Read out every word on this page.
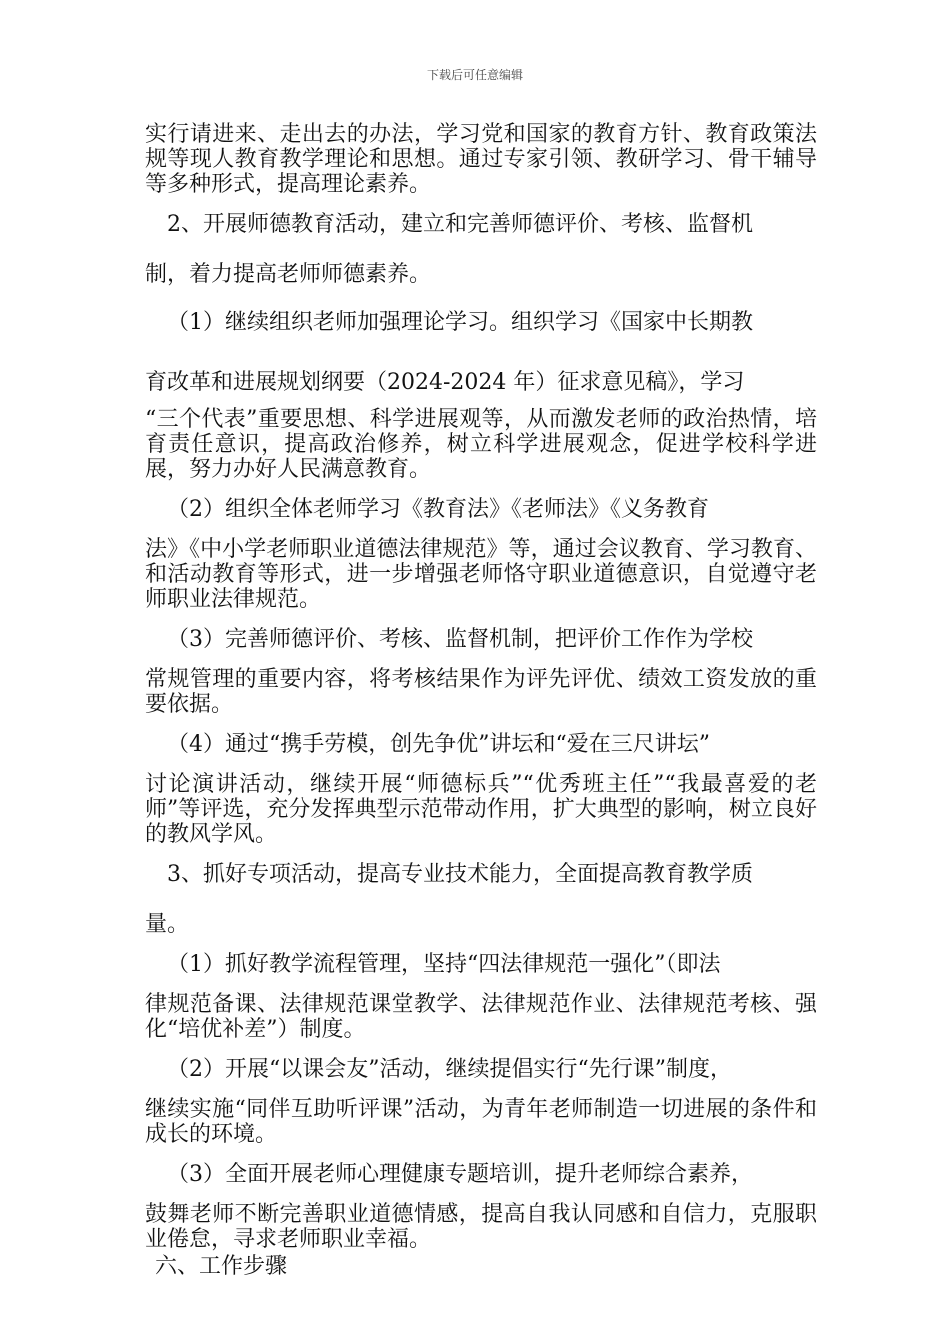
下载后可任意编辑

实行请进来、走出去的办法，学习党和国家的教育方针、教育政策法规等现人教育教学理论和思想。通过专家引领、教研学习、骨干辅导等多种形式，提高理论素养。

2、开展师德教育活动，建立和完善师德评价、考核、监督机

制，着力提高老师师德素养。

（1）继续组织老师加强理论学习。组织学习《国家中长期教

育改革和进展规划纲要（2024-2024 年）征求意见稿》，学习

“三个代表”重要思想、科学进展观等，从而激发老师的政治热情，培育责任意识，提高政治修养，树立科学进展观念，促进学校科学进展，努力办好人民满意教育。

（2）组织全体老师学习《教育法》《老师法》《义务教育

法》《中小学老师职业道德法律规范》等，通过会议教育、学习教育、和活动教育等形式，进一步增强老师恪守职业道德意识，自觉遵守老师职业法律规范。

（3）完善师德评价、考核、监督机制，把评价工作作为学校

常规管理的重要内容，将考核结果作为评先评优、绩效工资发放的重要依据。

（4）通过“携手劳模，创先争优”讲坛和“爱在三尺讲坛”

讨论演讲活动，继续开展“师德标兵”“优秀班主任”“我最喜爱的老师”等评选，充分发挥典型示范带动作用，扩大典型的影响，树立良好的教风学风。

3、抓好专项活动，提高专业技术能力，全面提高教育教学质

量。

（1）抓好教学流程管理，坚持“四法律规范一强化”（即法

律规范备课、法律规范课堂教学、法律规范作业、法律规范考核、强化“培优补差”）制度。

（2）开展“以课会友”活动，继续提倡实行“先行课”制度，

继续实施“同伴互助听评课”活动，为青年老师制造一切进展的条件和成长的环境。

（3）全面开展老师心理健康专题培训，提升老师综合素养，

鼓舞老师不断完善职业道德情感，提高自我认同感和自信力，克服职业倦怠，寻求老师职业幸福。

六、工作步骤
